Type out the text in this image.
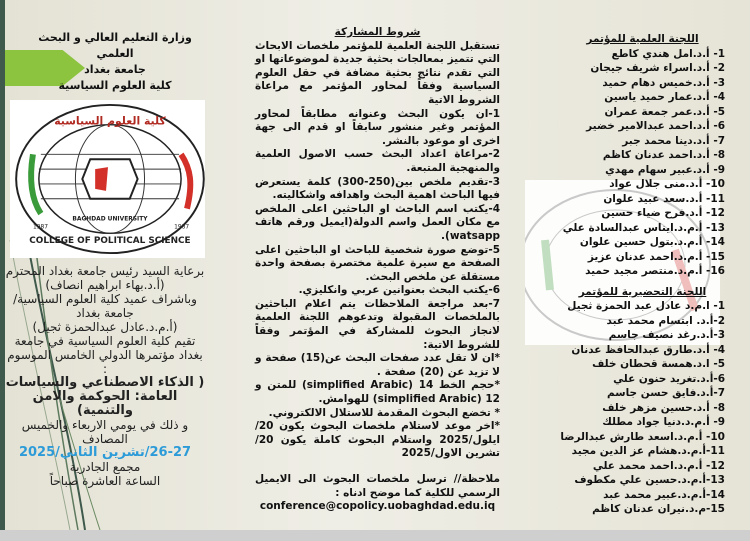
وزارة التعليم العالي و البحث العلمي
جامعة بغداد
كلية العلوم السياسية
كلية العلوم السياسية
BAGHDAD UNIVERSITY
COLLEGE OF POLITICAL SCIENCE
1987	1987
برعاية السيد رئيس جامعة بغداد المحترم
(أ.د.بهاء ابراهيم انصاف)
وباشراف عميد كلية العلوم السياسية/جامعة بغداد
(أ.م.د.عادل عبدالحمزة ثجيل)
تقيم كلية العلوم السياسية في جامعة بغداد مؤتمرها الدولي الخامس الموسوم
:
( الذكاء الاصطناعي والسياسات العامة: الحوكمة والامن والتنمية)
و ذلك في يومي الاربعاء والخميس المصادف
26-27/تشرين الثاني/2025
مجمع الجادرية
الساعة العاشرة صباحاً

شروط المشاركة

تستقبل اللجنة العلمية للمؤتمر ملخصات الابحاث التي تتميز بمعالجات بحثية جديدة لموضوعاتها او التي تقدم نتائج بحثية مضافة في حقل العلوم السياسية وفقاً لمحاور المؤتمر مع مراعاة الشروط الاتية

1-ان يكون البحث وعنوانه مطابقاً لمحاور المؤتمر وغير منشور سابقاً او قدم الى جهة اخرى او موعود بالنشر.

2-مراعاة اعداد البحث حسب الاصول العلمية والمنهجية المتبعة.

3-تقديم ملخص بين(250-300) كلمة يستعرض فيها الباحث اهمية البحث واهدافه واشكاليته.

4-يكتب اسم الباحث او الباحثين اعلى الملخص مع مكان العمل واسم الدولة(ايميل ورقم هاتف watsapp).

5-توضع صورة شخصية للباحث او الباحثين اعلى الصفحة مع سيرة علمية مختصرة بصفحة واحدة مستقلة عن ملخص البحث.

6-يكتب البحث بعنوانين عربي وانكليزي.

7-بعد مراجعة الملاحظات يتم اعلام الباحثين بالملخصات المقبولة وتدعوهم اللجنة العلمية لانجاز البحوث للمشاركة في المؤتمر وفقاً للشروط الاتية:

*ان لا تقل عدد صفحات البحث عن(15) صفحة و لا تزيد عن (20) صفحة .

*حجم الخط 14 (simplified Arabic) للمتن و 12 (simplified Arabic) للهوامش.

* تخضع البحوث المقدمة للاستلال الالكتروني.

*اخر موعد لاستلام ملخصات البحوث يكون 20/ايلول/2025 واستلام البحوث كاملة يكون 20/تشرين الاول/2025

ملاحظة// ترسل ملخصات البحوث الى الايميل الرسمي للكلية كما موضح ادناه :

conference@copolicy.uobaghdad.edu.iq

اللجنة العلمية للمؤتمر
1- أ.د.امل هندي كاطع
2- أ.د.اسراء شريف جيجان
3- أ.د.خميس دهام حميد
4- أ.د.عمار حميد ياسين
5- أ.د.عمر جمعة عمران
6- أ.د.احمد عبدالامير خضير
7- أ.د.دينا محمد جبر
8- أ.د.احمد عدنان كاظم
9- أ.د.عبير سهام مهدي
10- أ.د.منى جلال عواد
11- أ.د.سعد عبيد علوان
12- أ.د.فرح ضياء حسين
13- أ.م.د.ايناس عبدالسادة علي
14- أ.م.د.بتول حسين علوان
15- أ.م.د.احمد عدنان عزيز
16- أ.م.د.منتصر مجيد حميد
اللجنة التحضيرية للمؤتمر
1- ا.م.د عادل عبد الحمزة ثجيل
2-أ.د. ابتسام محمد عبد
3-أ.د.رغد نصيف جاسم
4- أ.د.طارق عبدالحافظ عدنان
5- ا.د.همسة قحطان خلف
6-أ.د.تغريد حنون علي
7-أ.د.فايق حسن جاسم
8- أ.د.حسين مزهر خلف
9- أ.م.د.دنيا جواد مطلك
10- أ.م.د.اسعد طارش عبدالرضا
11-أ.م.د.هشام عز الدين مجيد
12- أ.م.د.احمد محمد علي
13-أ.م.د.حسين علي مكطوف
14-أ.م.د.عبير محمد عبد
15-م.د.نيران عدنان كاظم
